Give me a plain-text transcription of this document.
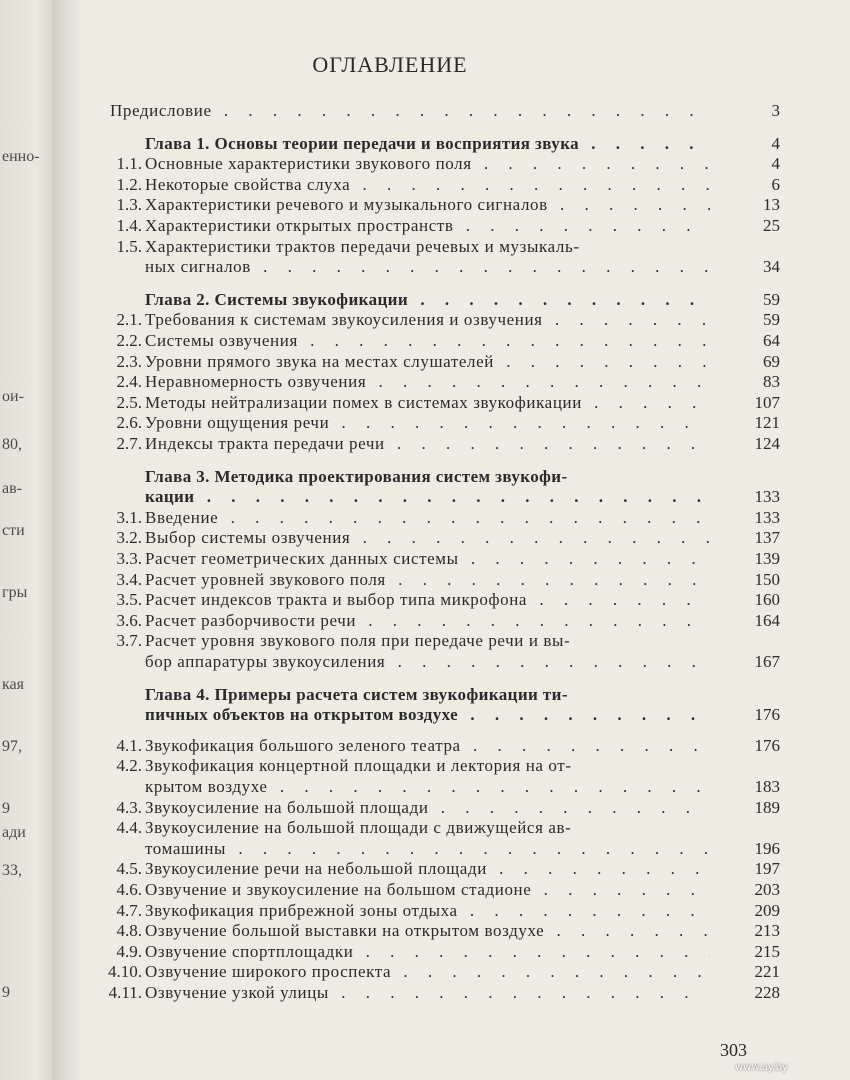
енно-
ои-
80,
ав-
сти
гры
кая
97,
9
ади
33,
9
ОГЛАВЛЕНИЕ
Предисловие . . .	3
Глава 1. Основы теории передачи и восприятия звука . . .	4
1.1. Основные характеристики звукового поля . . .	4
1.2. Некоторые свойства слуха . . .	6
1.3. Характеристики речевого и музыкального сигналов . . .	13
1.4. Характеристики открытых пространств . . .	25
1.5. Характеристики трактов передачи речевых и музыкаль-
ных сигналов . . .	34
Глава 2. Системы звукофикации . . .	59
2.1. Требования к системам звукоусиления и озвучения . . .	59
2.2. Системы озвучения . . .	64
2.3. Уровни прямого звука на местах слушателей . . .	69
2.4. Неравномерность озвучения . . .	83
2.5. Методы нейтрализации помех в системах звукофикации . . .	107
2.6. Уровни ощущения речи . . .	121
2.7. Индексы тракта передачи речи . . .	124
Глава 3. Методика проектирования систем звукофи-
кации . . .	133
3.1. Введение . . .	133
3.2. Выбор системы озвучения . . .	137
3.3. Расчет геометрических данных системы . . .	139
3.4. Расчет уровней звукового поля . . .	150
3.5. Расчет индексов тракта и выбор типа микрофона . . .	160
3.6. Расчет разборчивости речи . . .	164
3.7. Расчет уровня звукового поля при передаче речи и вы-
бор аппаратуры звукоусиления . . .	167
Глава 4. Примеры расчета систем звукофикации ти-
пичных объектов на открытом воздухе . . .	176
4.1. Звукофикация большого зеленого театра . . .	176
4.2. Звукофикация концертной площадки и лектория на от-
крытом воздухе . . .	183
4.3. Звукоусиление на большой площади . . .	189
4.4. Звукоусиление на большой площади с движущейся ав-
томашины . . .	196
4.5. Звукоусиление речи на небольшой площади . . .	197
4.6. Озвучение и звукоусиление на большом стадионе . . .	203
4.7. Звукофикация прибрежной зоны отдыха . . .	209
4.8. Озвучение большой выставки на открытом воздухе . . .	213
4.9. Озвучение спортплощадки . . .	215
4.10. Озвучение широкого проспекта . . .	221
4.11. Озвучение узкой улицы . . .	228
303
www.ay.by
